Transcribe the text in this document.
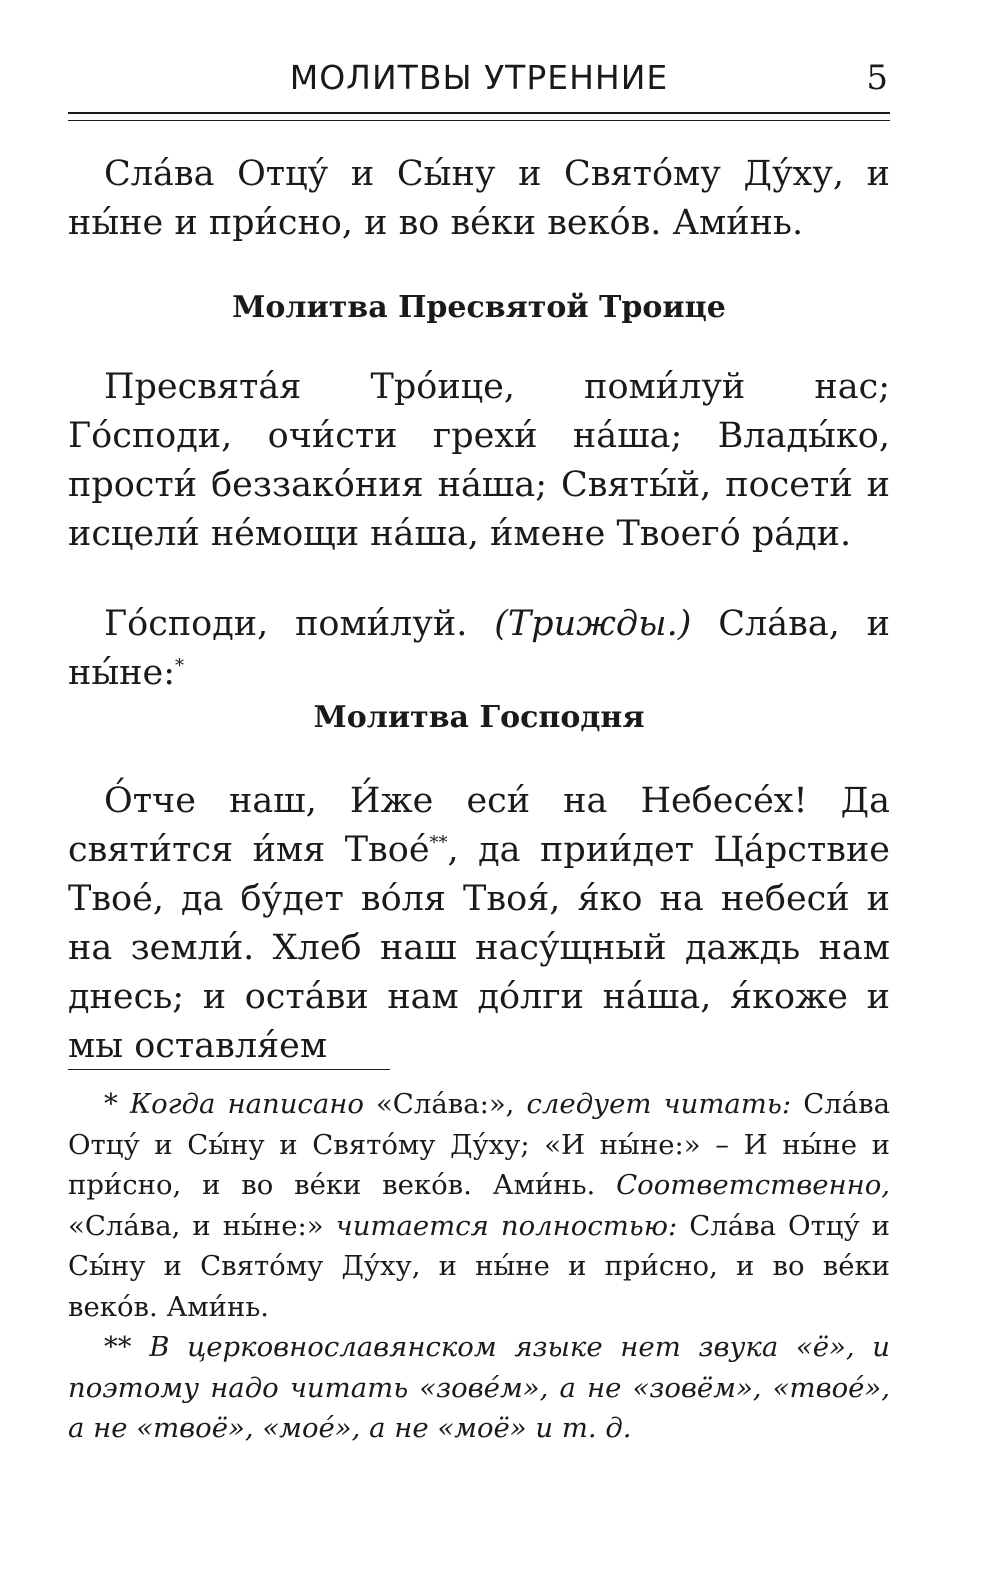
МОЛИТВЫ УТРЕННИЕ	5

Сла́ва Отцу́ и Сы́ну и Свято́му Ду́ху, и ны́не и при́сно, и во ве́ки веко́в. Ами́нь.

Молитва Пресвятой Троице

Пресвята́я Тро́ице, поми́луй нас; Го́споди, очи́сти грехи́ на́ша; Влады́ко, прости́ беззако́ния на́ша; Святы́й, посети́ и исцели́ не́мощи на́ша, и́мене Твоего́ ра́ди.

Го́споди, поми́луй. (Трижды.) Сла́ва, и ны́не:*

Молитва Господня

О́тче наш, И́же еси́ на Небесе́х! Да святи́тся и́мя Твое́**, да прии́дет Ца́рствие Твое́, да бу́дет во́ля Твоя́, я́ко на небеси́ и на земли́. Хлеб наш насу́щный даждь нам днесь; и оста́ви нам до́лги на́ша, я́коже и мы оставля́ем

* Когда написано «Сла́ва:», следует читать: Сла́ва Отцу́ и Сы́ну и Свято́му Ду́ху; «И ны́не:» – И ны́не и при́сно, и во ве́ки веко́в. Ами́нь. Соответственно, «Сла́ва, и ны́не:» читается полностью: Сла́ва Отцу́ и Сы́ну и Свято́му Ду́ху, и ны́не и при́сно, и во ве́ки веко́в. Ами́нь.

** В церковнославянском языке нет звука «ё», и поэтому надо читать «зове́м», а не «зовём», «твое́», а не «твоё», «мое́», а не «моё» и т. д.
